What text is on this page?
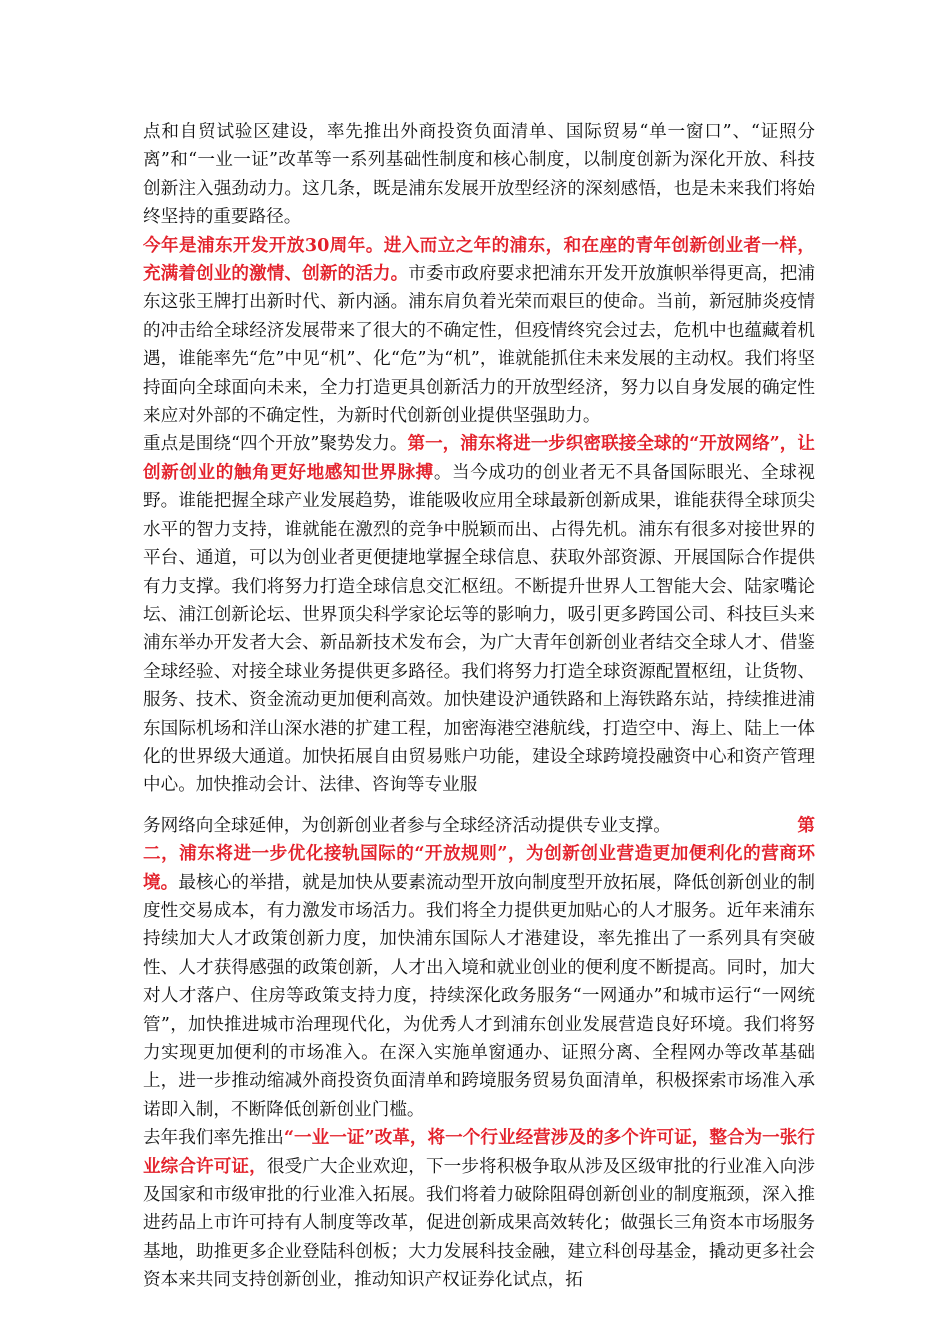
点和自贸试验区建设，率先推出外商投资负面清单、国际贸易“单一窗口”、“证照分离”和“一业一证”改革等一系列基础性制度和核心制度，以制度创新为深化开放、科技创新注入强劲动力。这几条，既是浦东发展开放型经济的深刻感悟，也是未来我们将始终坚持的重要路径。

今年是浦东开发开放30周年。进入而立之年的浦东，和在座的青年创新创业者一样，充满着创业的激情、创新的活力。市委市政府要求把浦东开发开放旗帜举得更高，把浦东这张王牌打出新时代、新内涵。浦东肩负着光荣而艰巨的使命。当前，新冠肺炎疫情的冲击给全球经济发展带来了很大的不确定性，但疫情终究会过去，危机中也蕴藏着机遇，谁能率先“危”中见“机”、化“危”为“机”，谁就能抓住未来发展的主动权。我们将坚持面向全球面向未来，全力打造更具创新活力的开放型经济，努力以自身发展的确定性来应对外部的不确定性，为新时代创新创业提供坚强助力。

重点是围绕“四个开放”聚势发力。第一，浦东将进一步织密联接全球的“开放网络”，让创新创业的触角更好地感知世界脉搏。当今成功的创业者无不具备国际眼光、全球视野。谁能把握全球产业发展趋势，谁能吸收应用全球最新创新成果，谁能获得全球顶尖水平的智力支持，谁就能在激烈的竞争中脱颖而出、占得先机。浦东有很多对接世界的平台、通道，可以为创业者更便捷地掌握全球信息、获取外部资源、开展国际合作提供有力支撑。我们将努力打造全球信息交汇枢纽。不断提升世界人工智能大会、陆家嘴论坛、浦江创新论坛、世界顶尖科学家论坛等的影响力，吸引更多跨国公司、科技巨头来浦东举办开发者大会、新品新技术发布会，为广大青年创新创业者结交全球人才、借鉴全球经验、对接全球业务提供更多路径。我们将努力打造全球资源配置枢纽，让货物、服务、技术、资金流动更加便利高效。加快建设沪通铁路和上海铁路东站，持续推进浦东国际机场和洋山深水港的扩建工程，加密海港空港航线，打造空中、海上、陆上一体化的世界级大通道。加快拓展自由贸易账户功能，建设全球跨境投融资中心和资产管理中心。加快推动会计、法律、咨询等专业服

务网络向全球延伸，为创新创业者参与全球经济活动提供专业支撑。	第

二，浦东将进一步优化接轨国际的“开放规则”，为创新创业营造更加便利化的营商环境。最核心的举措，就是加快从要素流动型开放向制度型开放拓展，降低创新创业的制度性交易成本，有力激发市场活力。我们将全力提供更加贴心的人才服务。近年来浦东持续加大人才政策创新力度，加快浦东国际人才港建设，率先推出了一系列具有突破性、人才获得感强的政策创新，人才出入境和就业创业的便利度不断提高。同时，加大对人才落户、住房等政策支持力度，持续深化政务服务“一网通办”和城市运行“一网统管”，加快推进城市治理现代化，为优秀人才到浦东创业发展营造良好环境。我们将努力实现更加便利的市场准入。在深入实施单窗通办、证照分离、全程网办等改革基础上，进一步推动缩减外商投资负面清单和跨境服务贸易负面清单，积极探索市场准入承诺即入制，不断降低创新创业门槛。

去年我们率先推出“一业一证”改革，将一个行业经营涉及的多个许可证，整合为一张行业综合许可证，很受广大企业欢迎，下一步将积极争取从涉及区级审批的行业准入向涉及国家和市级审批的行业准入拓展。我们将着力破除阻碍创新创业的制度瓶颈，深入推进药品上市许可持有人制度等改革，促进创新成果高效转化；做强长三角资本市场服务基地，助推更多企业登陆科创板；大力发展科技金融，建立科创母基金，撬动更多社会资本来共同支持创新创业，推动知识产权证券化试点，拓
